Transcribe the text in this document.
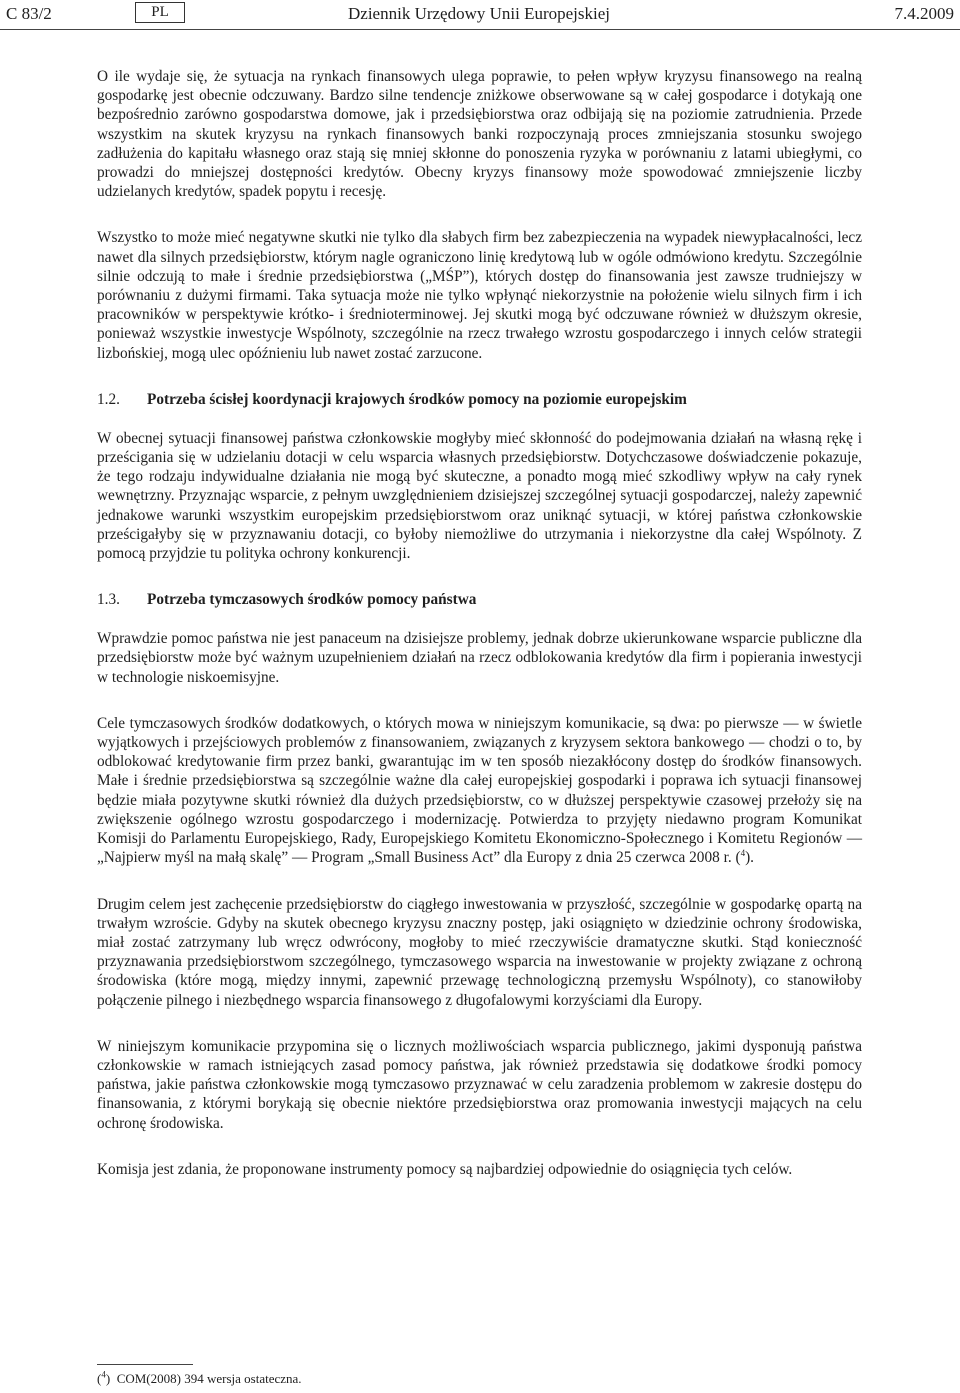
C 83/2	PL	Dziennik Urzędowy Unii Europejskiej	7.4.2009

O ile wydaje się, że sytuacja na rynkach finansowych ulega poprawie, to pełen wpływ kryzysu finansowego na realną gospodarkę jest obecnie odczuwany. Bardzo silne tendencje zniżkowe obserwowane są w całej gospodarce i dotykają one bezpośrednio zarówno gospodarstwa domowe, jak i przedsiębiorstwa oraz odbijają się na poziomie zatrudnienia. Przede wszystkim na skutek kryzysu na rynkach finansowych banki rozpoczynają proces zmniejszania stosunku swojego zadłużenia do kapitału własnego oraz stają się mniej skłonne do ponoszenia ryzyka w porównaniu z latami ubiegłymi, co prowadzi do mniejszej dostępności kredytów. Obecny kryzys finansowy może spowodować zmniejszenie liczby udzielanych kredytów, spadek popytu i recesję.

Wszystko to może mieć negatywne skutki nie tylko dla słabych firm bez zabezpieczenia na wypadek niewypłacalności, lecz nawet dla silnych przedsiębiorstw, którym nagle ograniczono linię kredytową lub w ogóle odmówiono kredytu. Szczególnie silnie odczują to małe i średnie przedsiębiorstwa („MŚP”), których dostęp do finansowania jest zawsze trudniejszy w porównaniu z dużymi firmami. Taka sytuacja może nie tylko wpłynąć niekorzystnie na położenie wielu silnych firm i ich pracowników w perspektywie krótko- i średnioterminowej. Jej skutki mogą być odczuwane również w dłuższym okresie, ponieważ wszystkie inwestycje Wspólnoty, szczególnie na rzecz trwałego wzrostu gospodarczego i innych celów strategii lizbońskiej, mogą ulec opóźnieniu lub nawet zostać zarzucone.

1.2.	Potrzeba ścisłej koordynacji krajowych środków pomocy na poziomie europejskim

W obecnej sytuacji finansowej państwa członkowskie mogłyby mieć skłonność do podejmowania działań na własną rękę i prześcigania się w udzielaniu dotacji w celu wsparcia własnych przedsiębiorstw. Dotychczasowe doświadczenie pokazuje, że tego rodzaju indywidualne działania nie mogą być skuteczne, a ponadto mogą mieć szkodliwy wpływ na cały rynek wewnętrzny. Przyznając wsparcie, z pełnym uwzględnieniem dzisiejszej szczególnej sytuacji gospodarczej, należy zapewnić jednakowe warunki wszystkim europejskim przedsiębiorstwom oraz uniknąć sytuacji, w której państwa członkowskie prześcigałyby się w przyznawaniu dotacji, co byłoby niemożliwe do utrzymania i niekorzystne dla całej Wspólnoty. Z pomocą przyjdzie tu polityka ochrony konkurencji.

1.3.	Potrzeba tymczasowych środków pomocy państwa

Wprawdzie pomoc państwa nie jest panaceum na dzisiejsze problemy, jednak dobrze ukierunkowane wsparcie publiczne dla przedsiębiorstw może być ważnym uzupełnieniem działań na rzecz odblokowania kredytów dla firm i popierania inwestycji w technologie niskoemisyjne.

Cele tymczasowych środków dodatkowych, o których mowa w niniejszym komunikacie, są dwa: po pierwsze — w świetle wyjątkowych i przejściowych problemów z finansowaniem, związanych z kryzysem sektora bankowego — chodzi o to, by odblokować kredytowanie firm przez banki, gwarantując im w ten sposób niezakłócony dostęp do środków finansowych. Małe i średnie przedsiębiorstwa są szczególnie ważne dla całej europejskiej gospodarki i poprawa ich sytuacji finansowej będzie miała pozytywne skutki również dla dużych przedsiębiorstw, co w dłuższej perspektywie czasowej przełoży się na zwiększenie ogólnego wzrostu gospodarczego i modernizację. Potwierdza to przyjęty niedawno program Komunikat Komisji do Parlamentu Europejskiego, Rady, Europejskiego Komitetu Ekonomiczno-Społecznego i Komitetu Regionów — „Najpierw myśl na małą skalę” — Program „Small Business Act” dla Europy z dnia 25 czerwca 2008 r. ($^4$).

Drugim celem jest zachęcenie przedsiębiorstw do ciągłego inwestowania w przyszłość, szczególnie w gospodarkę opartą na trwałym wzroście. Gdyby na skutek obecnego kryzysu znaczny postęp, jaki osiągnięto w dziedzinie ochrony środowiska, miał zostać zatrzymany lub wręcz odwrócony, mogłoby to mieć rzeczywiście dramatyczne skutki. Stąd konieczność przyznawania przedsiębiorstwom szczególnego, tymczasowego wsparcia na inwestowanie w projekty związane z ochroną środowiska (które mogą, między innymi, zapewnić przewagę technologiczną przemysłu Wspólnoty), co stanowiłoby połączenie pilnego i niezbędnego wsparcia finansowego z długofalowymi korzyściami dla Europy.

W niniejszym komunikacie przypomina się o licznych możliwościach wsparcia publicznego, jakimi dysponują państwa członkowskie w ramach istniejących zasad pomocy państwa, jak również przedstawia się dodatkowe środki pomocy państwa, jakie państwa członkowskie mogą tymczasowo przyznawać w celu zaradzenia problemom w zakresie dostępu do finansowania, z którymi borykają się obecnie niektóre przedsiębiorstwa oraz promowania inwestycji mających na celu ochronę środowiska.

Komisja jest zdania, że proponowane instrumenty pomocy są najbardziej odpowiednie do osiągnięcia tych celów.

($^4$) COM(2008) 394 wersja ostateczna.
